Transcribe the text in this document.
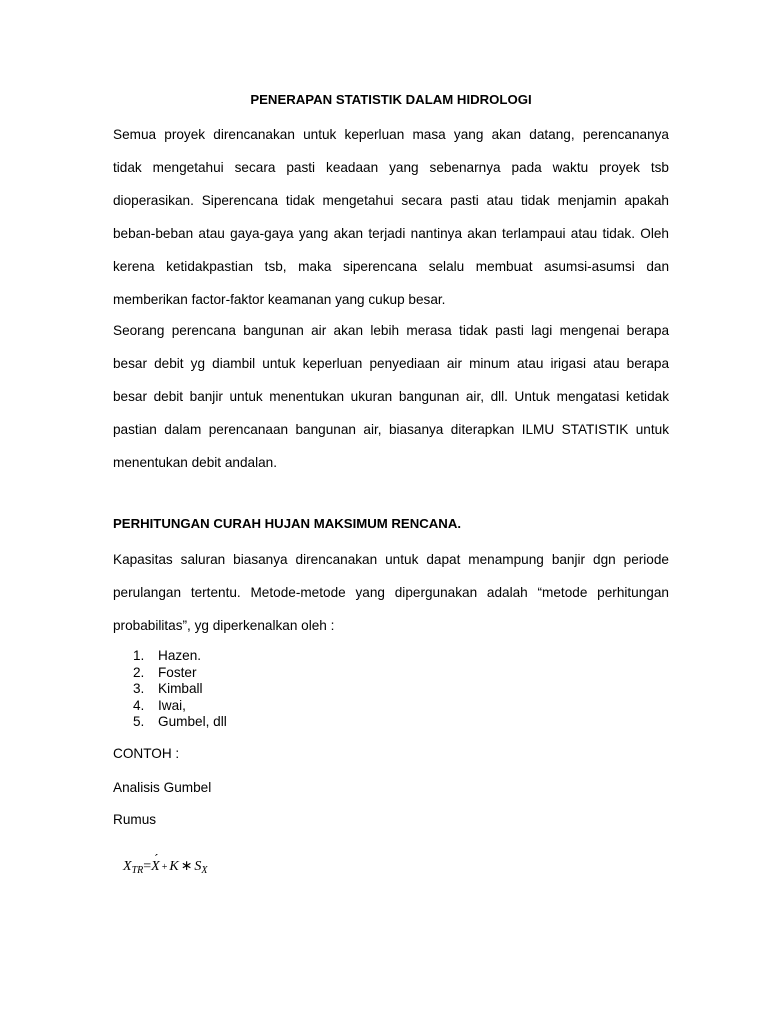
PENERAPAN STATISTIK DALAM HIDROLOGI

Semua proyek direncanakan untuk keperluan masa yang akan datang, perencananya
tidak mengetahui secara pasti keadaan yang sebenarnya pada waktu proyek tsb
dioperasikan. Siperencana tidak mengetahui secara pasti atau tidak menjamin apakah
beban-beban atau gaya-gaya yang akan terjadi nantinya akan terlampaui atau tidak. Oleh
kerena ketidakpastian tsb, maka siperencana selalu membuat asumsi-asumsi dan
memberikan factor-faktor keamanan yang cukup besar.

Seorang perencana bangunan air akan lebih merasa tidak pasti lagi mengenai berapa
besar debit yg diambil untuk keperluan penyediaan air minum atau irigasi atau berapa
besar debit banjir untuk menentukan ukuran bangunan air, dll. Untuk mengatasi ketidak
pastian dalam perencanaan bangunan air, biasanya diterapkan ILMU STATISTIK untuk
menentukan debit andalan.

PERHITUNGAN CURAH HUJAN MAKSIMUM RENCANA.

Kapasitas saluran biasanya direncanakan untuk dapat menampung banjir dgn periode
perulangan tertentu. Metode-metode yang dipergunakan adalah “metode perhitungan
probabilitas”, yg diperkenalkan oleh :

1.	Hazen.
2.	Foster
3.	Kimball
4.	Iwai,
5.	Gumbel, dll

CONTOH :

Analisis Gumbel

Rumus

$X_{TR}=´$ X + K ∗ $S_X$
